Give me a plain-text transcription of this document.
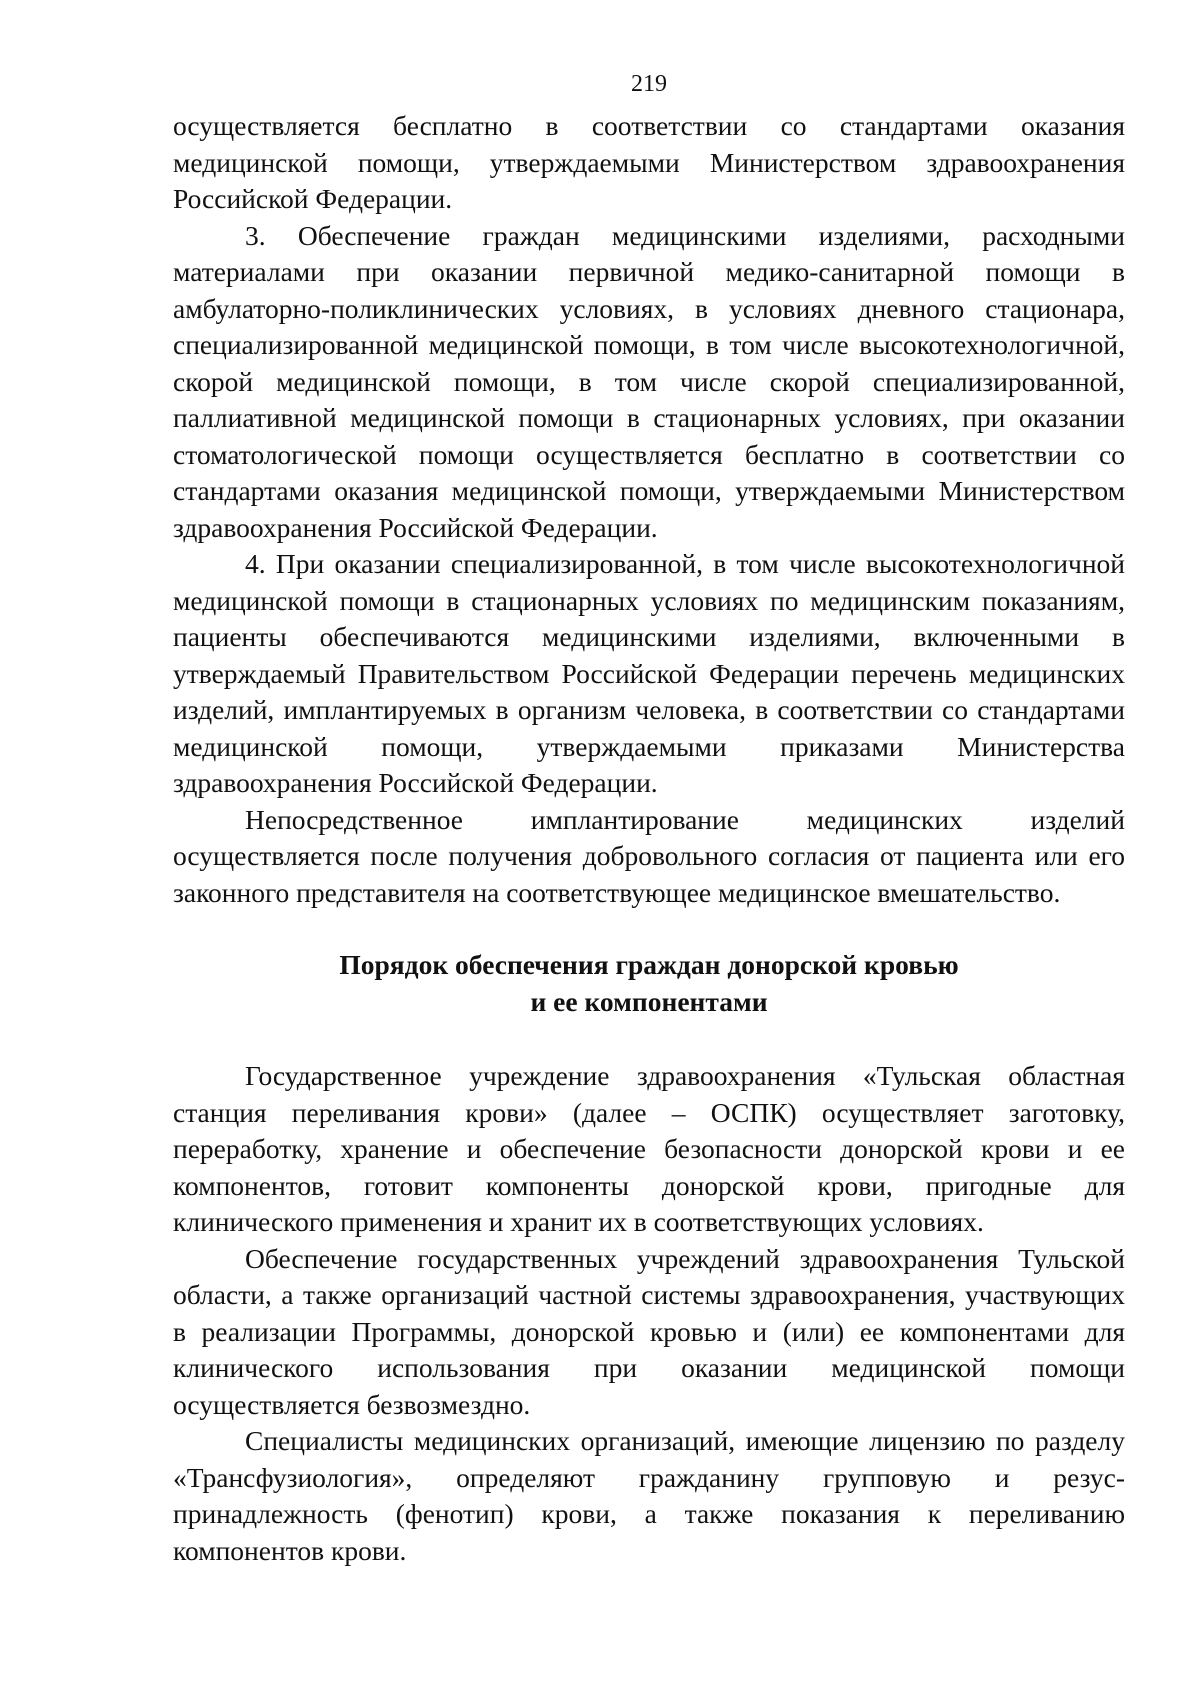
219

осуществляется бесплатно в соответствии со стандартами оказания медицинской помощи, утверждаемыми Министерством здравоохранения Российской Федерации.

3. Обеспечение граждан медицинскими изделиями, расходными материалами при оказании первичной медико-санитарной помощи в амбулаторно-поликлинических условиях, в условиях дневного стационара, специализированной медицинской помощи, в том числе высокотехнологичной, скорой медицинской помощи, в том числе скорой специализированной, паллиативной медицинской помощи в стационарных условиях, при оказании стоматологической помощи осуществляется бесплатно в соответствии со стандартами оказания медицинской помощи, утверждаемыми Министерством здравоохранения Российской Федерации.

4. При оказании специализированной, в том числе высокотехнологичной медицинской помощи в стационарных условиях по медицинским показаниям, пациенты обеспечиваются медицинскими изделиями, включенными в утверждаемый Правительством Российской Федерации перечень медицинских изделий, имплантируемых в организм человека, в соответствии со стандартами медицинской помощи, утверждаемыми приказами Министерства здравоохранения Российской Федерации.

Непосредственное имплантирование медицинских изделий осуществляется после получения добровольного согласия от пациента или его законного представителя на соответствующее медицинское вмешательство.

Порядок обеспечения граждан донорской кровью

и ее компонентами

Государственное учреждение здравоохранения «Тульская областная станция переливания крови» (далее – ОСПК) осуществляет заготовку, переработку, хранение и обеспечение безопасности донорской крови и ее компонентов, готовит компоненты донорской крови, пригодные для клинического применения и хранит их в соответствующих условиях.

Обеспечение государственных учреждений здравоохранения Тульской области, а также организаций частной системы здравоохранения, участвующих в реализации Программы, донорской кровью и (или) ее компонентами для клинического использования при оказании медицинской помощи осуществляется безвозмездно.

Специалисты медицинских организаций, имеющие лицензию по разделу «Трансфузиология», определяют гражданину групповую и резус-принадлежность (фенотип) крови, а также показания к переливанию компонентов крови.
